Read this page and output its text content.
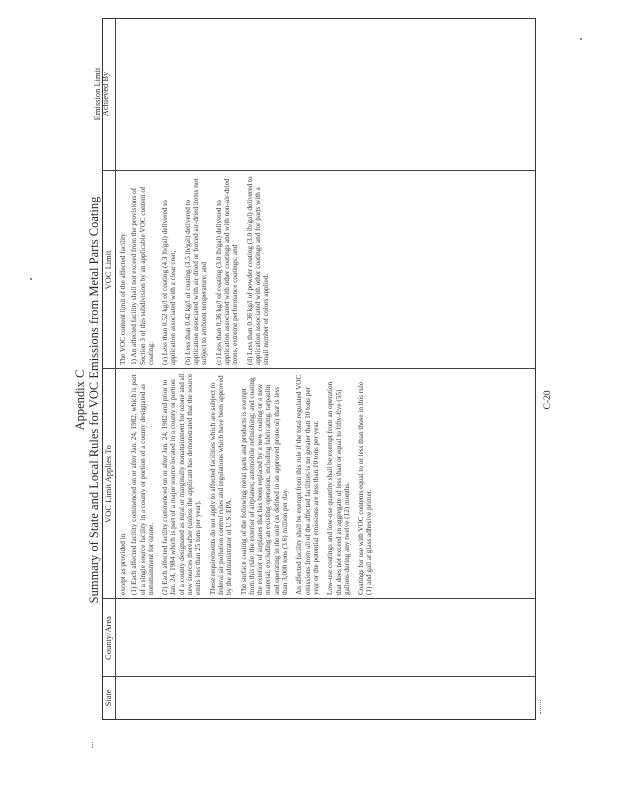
Appendix C Summary of State and Local Rules for VOC Emissions from Metal Parts Coating
State
County/Area
VOC Limit Applies To
VOC Limit
Emission Limit
Achieved By

except as provided in (1) Each affected facility commenced on or after Jan. 24, 1982, which is part of a single source facility in a county or portion of a county designated as nonattainment for ozone. (2) Each affected facility commenced on or after Jan. 24, 1982 and prior to Jan. 24, 1984 which is part of a major source located in a county or portion of a county designated as rural or marginally nonattainment for ozone and all new sources thereafter (unless the applicant has demonstrated that the source emits less than 25 tons per year). These requirements do not apply to affected facilities which are subject to federal air pollution control rules and regulations which have been approved by the administrator of U.S. EPA. The surface coating of the following metal parts and products is exempt from this rule: the exterior of airplanes; automobile refinishing; and coating the exterior of airplanes that has been replaced by a new coating or a new material, excluding an existing operation, including fabricating, tarpaulin and operating in the unit (as defined in an approved protocol) that is less than 3,000 tons (3.6) million per day. An affected facility shall be exempt from this rule if the total regulated VOC emissions from all of the affected facilities is no greater than 10 tons per year or the potential emissions are less than 10 tons per year. Low-use coatings and low-use quantity shall be exempt from an operation that does not exceed an aggregate of less than or equal to fifty-five (55) gallons during any twelve (12) months. Coatings for use with VOC contents equal to or less than those in this rule (1) and gall at glass adhesive primer.

The VOC content limit of the affected facility 1) An affected facility shall not exceed from the provisions of Section 3 of this subdivision by an applicable VOC content of coating: (a) Less than 0.52 kg/l of coating (4.3 lb/gal) delivered to application associated with a clear coat; (b) Less than 0.42 kg/l of coating (3.5 lb/gal) delivered to application associated with air dried or forced air-dried items not subject to ambient temperature; and (c) Less than 0.36 kg/l of coating (3.0 lb/gal) delivered to application associated with other coatings and with non-air-dried items, extreme performance coatings; and (d) Less than 0.36 kg/l of powder coating (3.0 lb/gal) delivered to application associated with other coatings and for parts with a small number of colors applied.

C-20
